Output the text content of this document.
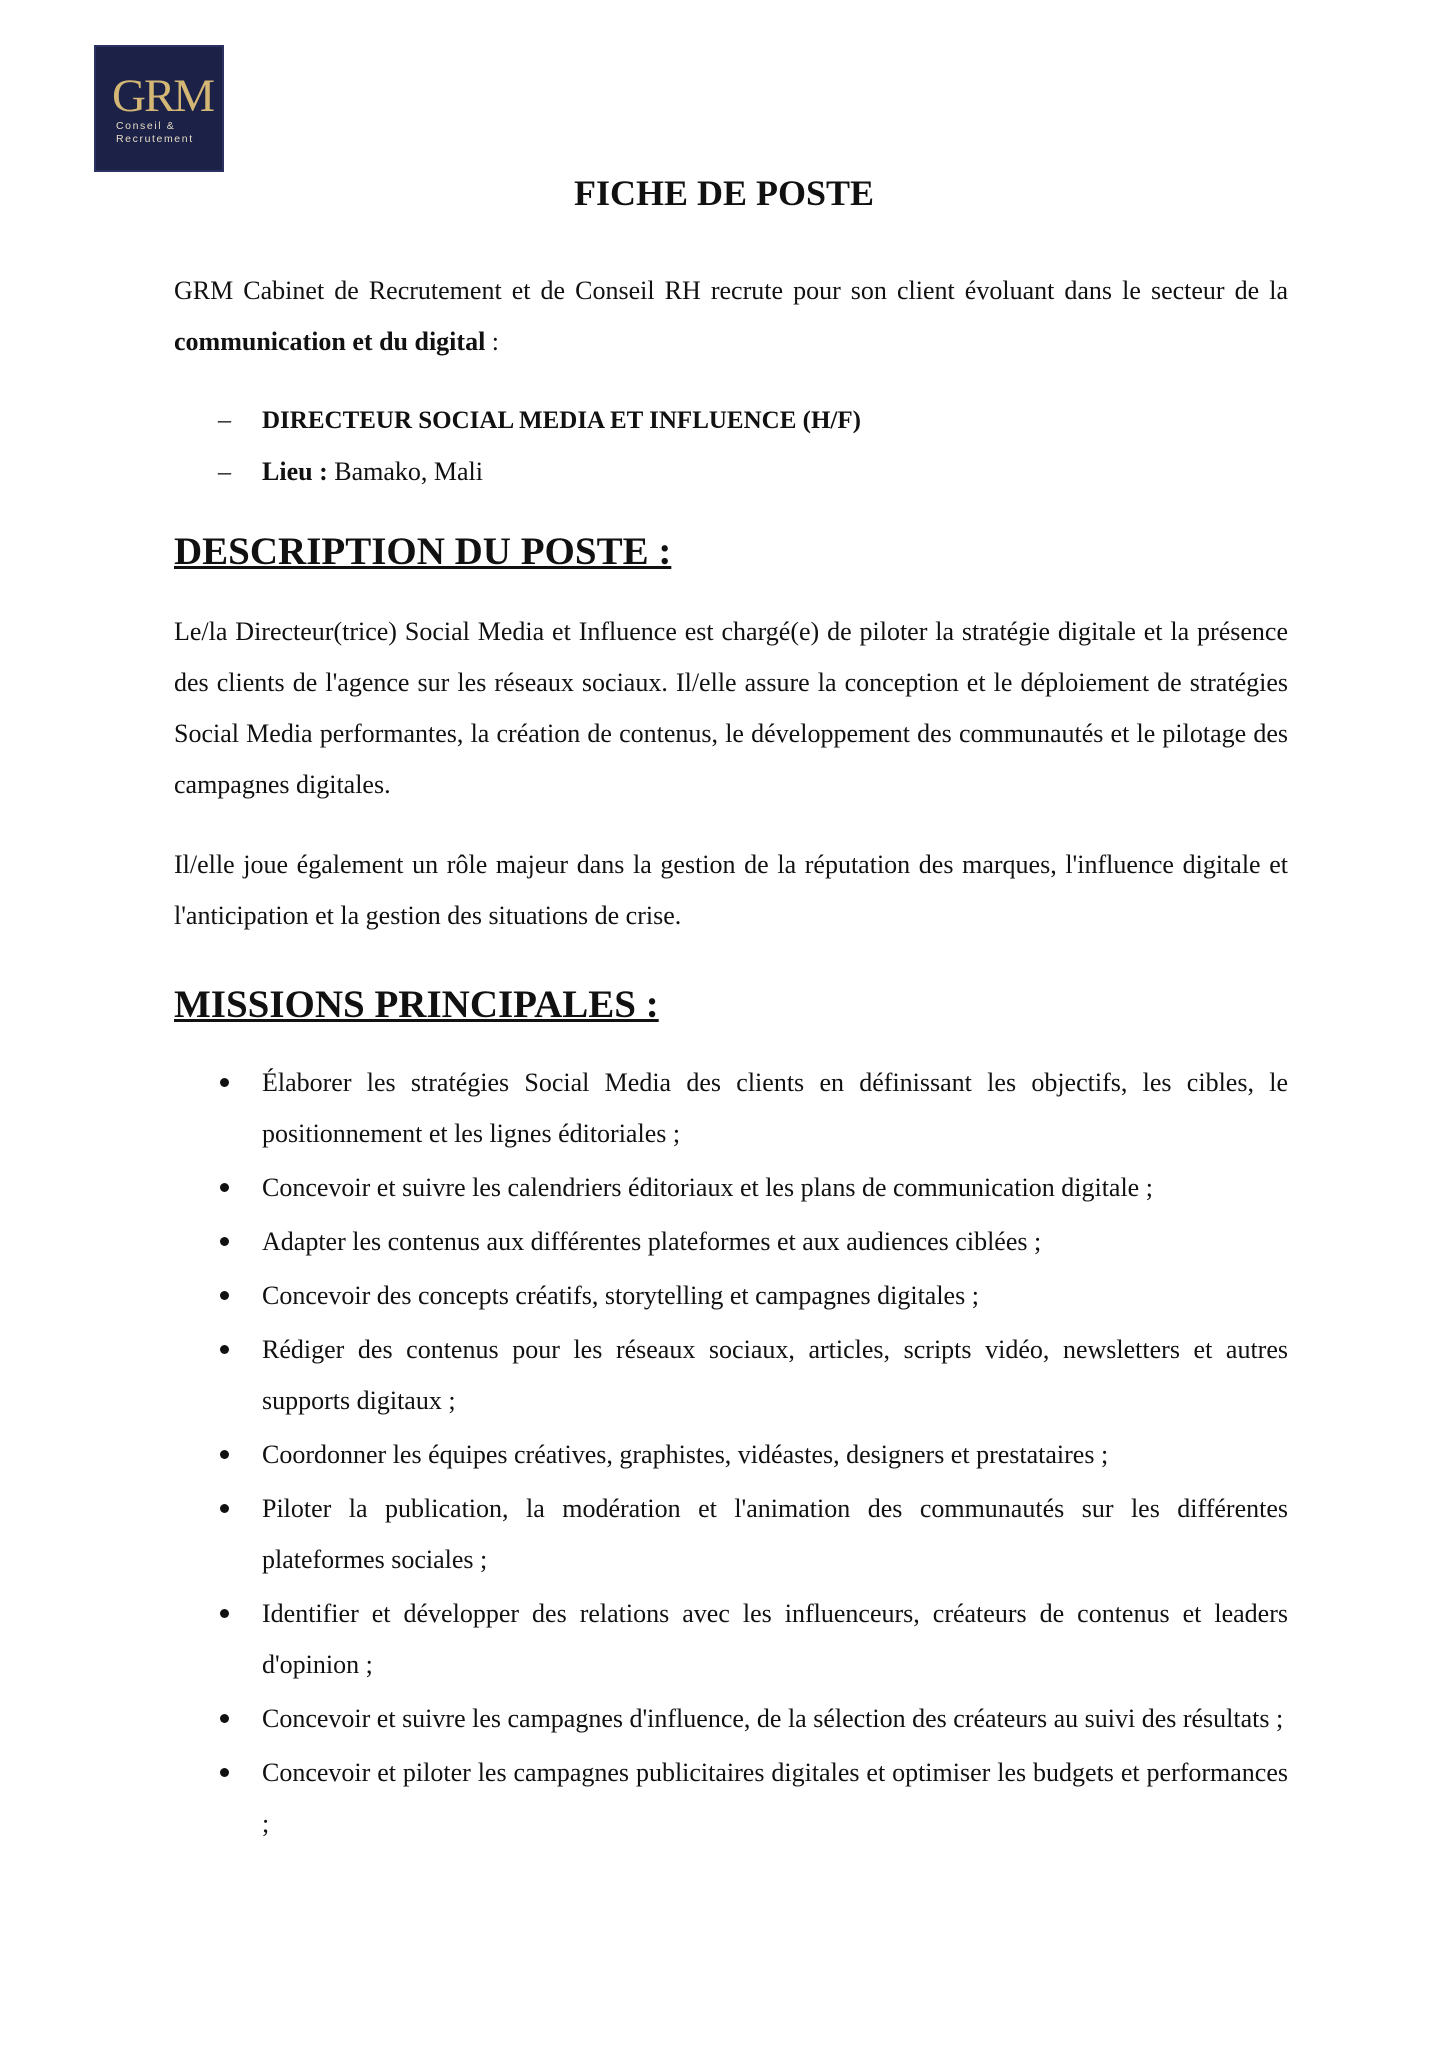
GRM
Conseil &
Recrutement
FICHE DE POSTE

GRM Cabinet de Recrutement et de Conseil RH recrute pour son client évoluant dans le secteur de la communication et du digital :

– DIRECTEUR SOCIAL MEDIA ET INFLUENCE (H/F)
– Lieu : Bamako, Mali
DESCRIPTION DU POSTE :

Le/la Directeur(trice) Social Media et Influence est chargé(e) de piloter la stratégie digitale et la présence des clients de l'agence sur les réseaux sociaux. Il/elle assure la conception et le déploiement de stratégies Social Media performantes, la création de contenus, le développement des communautés et le pilotage des campagnes digitales.

Il/elle joue également un rôle majeur dans la gestion de la réputation des marques, l'influence digitale et l'anticipation et la gestion des situations de crise.

MISSIONS PRINCIPALES :
Élaborer les stratégies Social Media des clients en définissant les objectifs, les cibles, le positionnement et les lignes éditoriales ;
Concevoir et suivre les calendriers éditoriaux et les plans de communication digitale ;
Adapter les contenus aux différentes plateformes et aux audiences ciblées ;
Concevoir des concepts créatifs, storytelling et campagnes digitales ;
Rédiger des contenus pour les réseaux sociaux, articles, scripts vidéo, newsletters et autres supports digitaux ;
Coordonner les équipes créatives, graphistes, vidéastes, designers et prestataires ;
Piloter la publication, la modération et l'animation des communautés sur les différentes plateformes sociales ;
Identifier et développer des relations avec les influenceurs, créateurs de contenus et leaders d'opinion ;
Concevoir et suivre les campagnes d'influence, de la sélection des créateurs au suivi des résultats ;
Concevoir et piloter les campagnes publicitaires digitales et optimiser les budgets et performances ;
